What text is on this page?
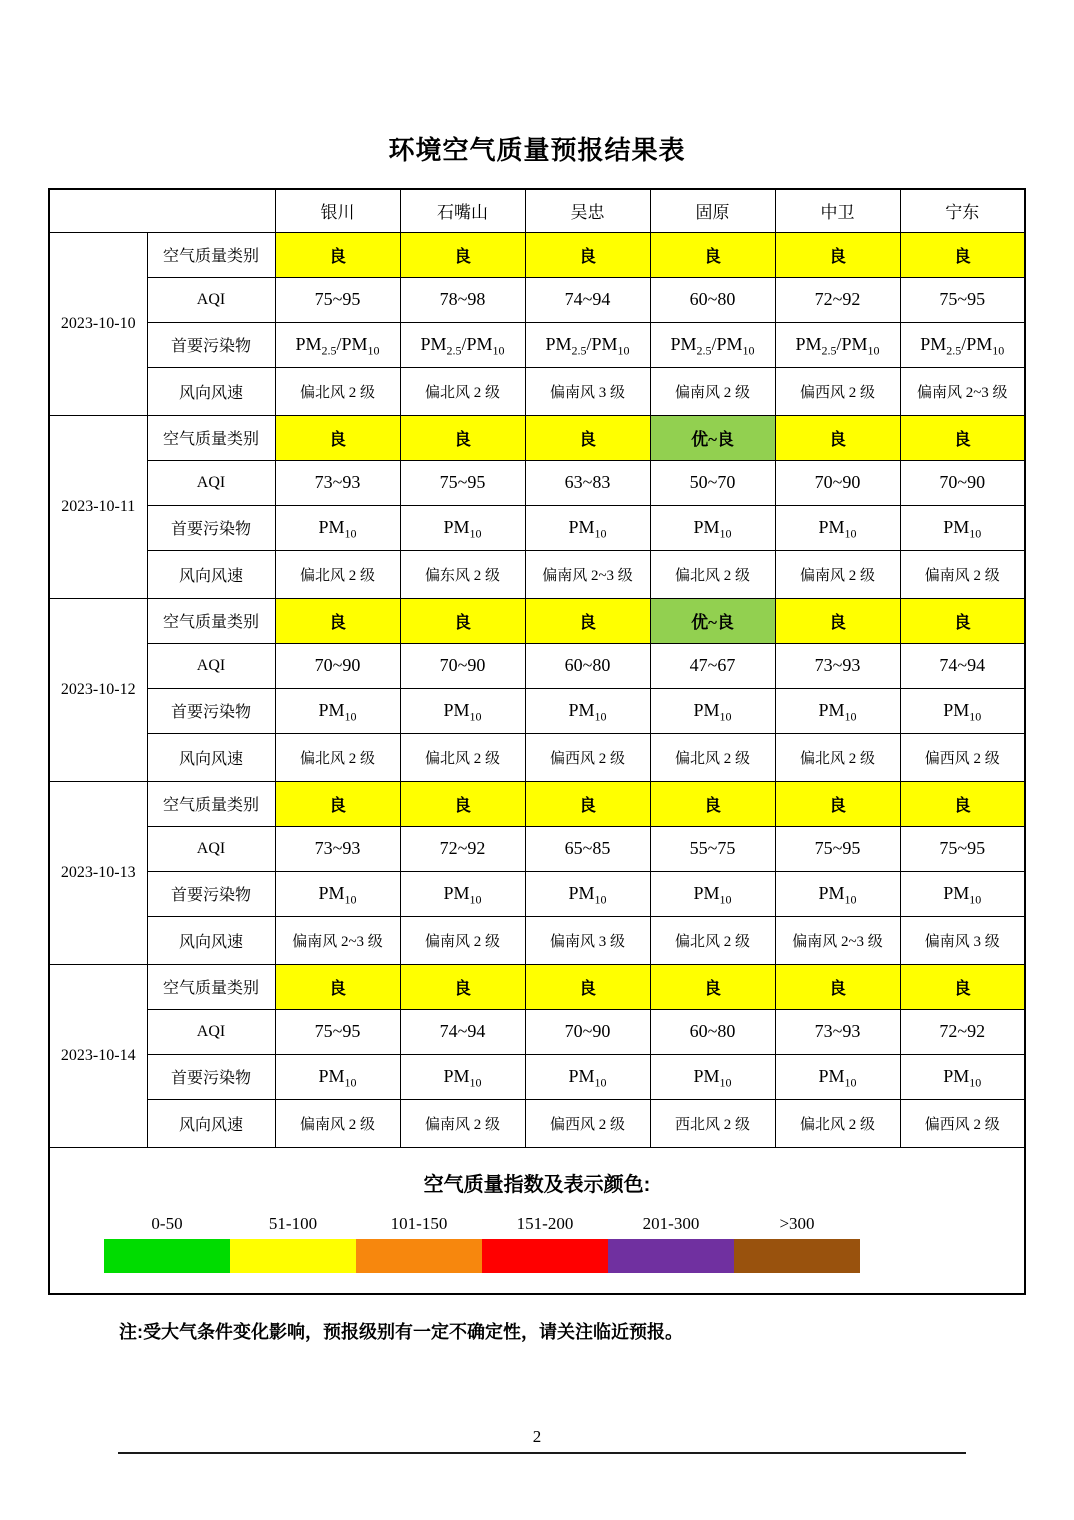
环境空气质量预报结果表
		银川	石嘴山	吴忠	固原	中卫	宁东
2023-10-10	空气质量类别	良	良	良	良	良	良
	AQI	75~95	78~98	74~94	60~80	72~92	75~95
	首要污染物	$PM_{2.5}/PM_{10}$	$PM_{2.5}/PM_{10}$	$PM_{2.5}/PM_{10}$	$PM_{2.5}/PM_{10}$	$PM_{2.5}/PM_{10}$	$PM_{2.5}/PM_{10}$
	风向风速	偏北风 2 级	偏北风 2 级	偏南风 3 级	偏南风 2 级	偏西风 2 级	偏南风 2~3 级
2023-10-11	空气质量类别	良	良	良	优~良	良	良
	AQI	73~93	75~95	63~83	50~70	70~90	70~90
	首要污染物	$PM_{10}$	$PM_{10}$	$PM_{10}$	$PM_{10}$	$PM_{10}$	$PM_{10}$
	风向风速	偏北风 2 级	偏东风 2 级	偏南风 2~3 级	偏北风 2 级	偏南风 2 级	偏南风 2 级
2023-10-12	空气质量类别	良	良	良	优~良	良	良
	AQI	70~90	70~90	60~80	47~67	73~93	74~94
	首要污染物	$PM_{10}$	$PM_{10}$	$PM_{10}$	$PM_{10}$	$PM_{10}$	$PM_{10}$
	风向风速	偏北风 2 级	偏北风 2 级	偏西风 2 级	偏北风 2 级	偏北风 2 级	偏西风 2 级
2023-10-13	空气质量类别	良	良	良	良	良	良
	AQI	73~93	72~92	65~85	55~75	75~95	75~95
	首要污染物	$PM_{10}$	$PM_{10}$	$PM_{10}$	$PM_{10}$	$PM_{10}$	$PM_{10}$
	风向风速	偏南风 2~3 级	偏南风 2 级	偏南风 3 级	偏北风 2 级	偏南风 2~3 级	偏南风 3 级
2023-10-14	空气质量类别	良	良	良	良	良	良
	AQI	75~95	74~94	70~90	60~80	73~93	72~92
	首要污染物	$PM_{10}$	$PM_{10}$	$PM_{10}$	$PM_{10}$	$PM_{10}$	$PM_{10}$
	风向风速	偏南风 2 级	偏南风 2 级	偏西风 2 级	西北风 2 级	偏北风 2 级	偏西风 2 级

空气质量指数及表示颜色:
0-50	51-100	101-150	151-200	201-300	>300
注:受大气条件变化影响，预报级别有一定不确定性，请关注临近预报。
2
